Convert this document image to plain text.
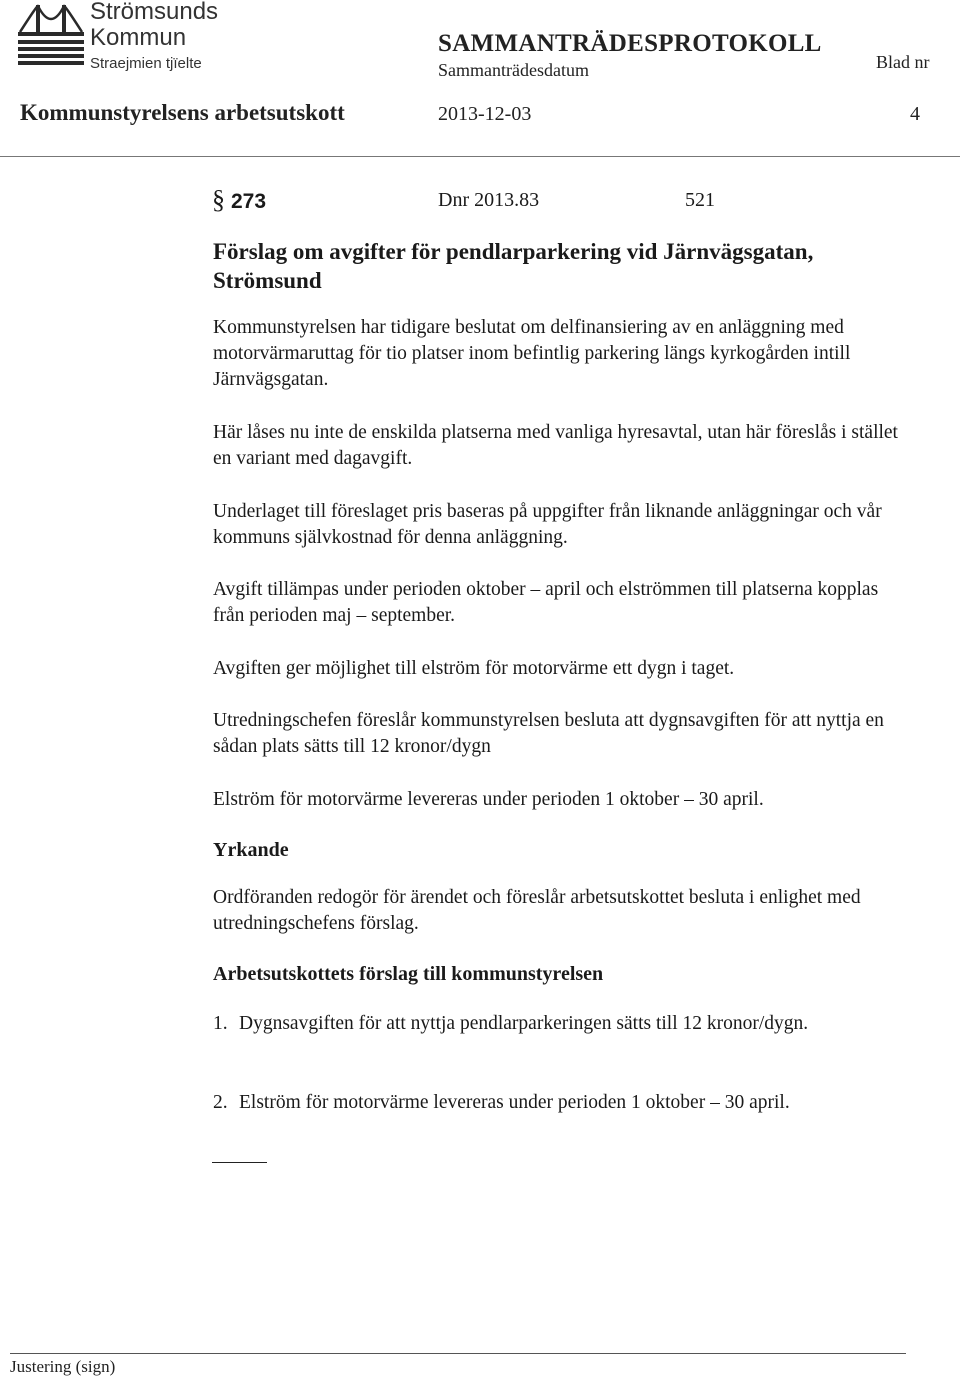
Strömsunds
Kommun
Straejmien tjïelte
SAMMANTRÄDESPROTOKOLL
Sammanträdesdatum	Blad nr
Kommunstyrelsens arbetsutskott	2013-12-03	4
§ 273	Dnr 2013.83	521
Förslag om avgifter för pendlarparkering vid Järnvägsgatan, Strömsund

Kommunstyrelsen har tidigare beslutat om delfinansiering av en anläggning med motorvärmaruttag för tio platser inom befintlig parkering längs kyrkogården intill Järnvägsgatan.

Här låses nu inte de enskilda platserna med vanliga hyresavtal, utan här föreslås i stället en variant med dagavgift.

Underlaget till föreslaget pris baseras på uppgifter från liknande anläggningar och vår kommuns självkostnad för denna anläggning.

Avgift tillämpas under perioden oktober – april och elströmmen till platserna kopplas från perioden maj – september.

Avgiften ger möjlighet till elström för motorvärme ett dygn i taget.

Utredningschefen föreslår kommunstyrelsen besluta att dygnsavgiften för att nyttja en sådan plats sätts till 12 kronor/dygn

Elström för motorvärme levereras under perioden 1 oktober – 30 april.

Yrkande

Ordföranden redogör för ärendet och föreslår arbetsutskottet besluta i enlighet med utredningschefens förslag.

Arbetsutskottets förslag till kommunstyrelsen
1. Dygnsavgiften för att nyttja pendlarparkeringen sätts till 12 kronor/dygn.
2. Elström för motorvärme levereras under perioden 1 oktober – 30 april.
Justering (sign)
